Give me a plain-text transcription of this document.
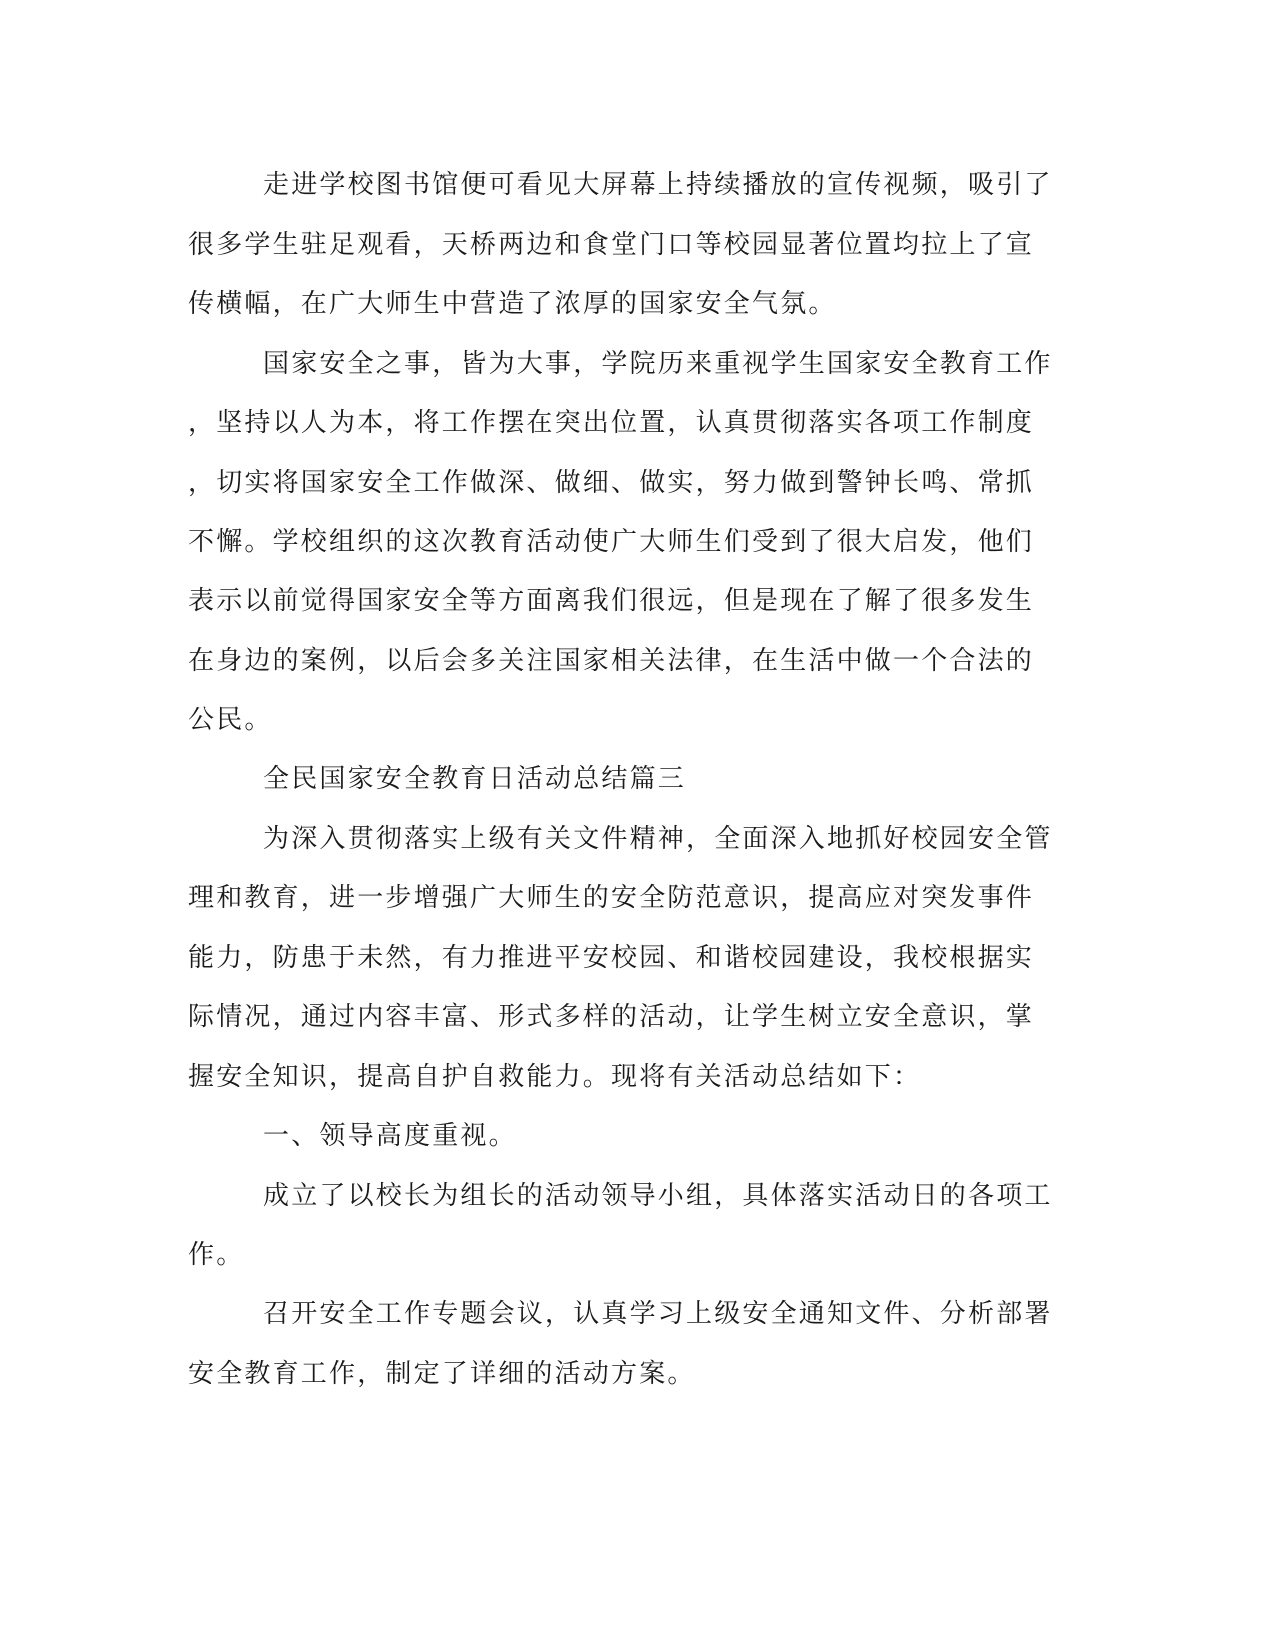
走进学校图书馆便可看见大屏幕上持续播放的宣传视频，吸引了

很多学生驻足观看，天桥两边和食堂门口等校园显著位置均拉上了宣

传横幅，在广大师生中营造了浓厚的国家安全气氛。

国家安全之事，皆为大事，学院历来重视学生国家安全教育工作

，坚持以人为本，将工作摆在突出位置，认真贯彻落实各项工作制度

，切实将国家安全工作做深、做细、做实，努力做到警钟长鸣、常抓

不懈。学校组织的这次教育活动使广大师生们受到了很大启发，他们

表示以前觉得国家安全等方面离我们很远，但是现在了解了很多发生

在身边的案例，以后会多关注国家相关法律，在生活中做一个合法的

公民。

全民国家安全教育日活动总结篇三

为深入贯彻落实上级有关文件精神，全面深入地抓好校园安全管

理和教育，进一步增强广大师生的安全防范意识，提高应对突发事件

能力，防患于未然，有力推进平安校园、和谐校园建设，我校根据实

际情况，通过内容丰富、形式多样的活动，让学生树立安全意识，掌

握安全知识，提高自护自救能力。现将有关活动总结如下：

一、领导高度重视。

成立了以校长为组长的活动领导小组，具体落实活动日的各项工

作。

召开安全工作专题会议，认真学习上级安全通知文件、分析部署

安全教育工作，制定了详细的活动方案。
